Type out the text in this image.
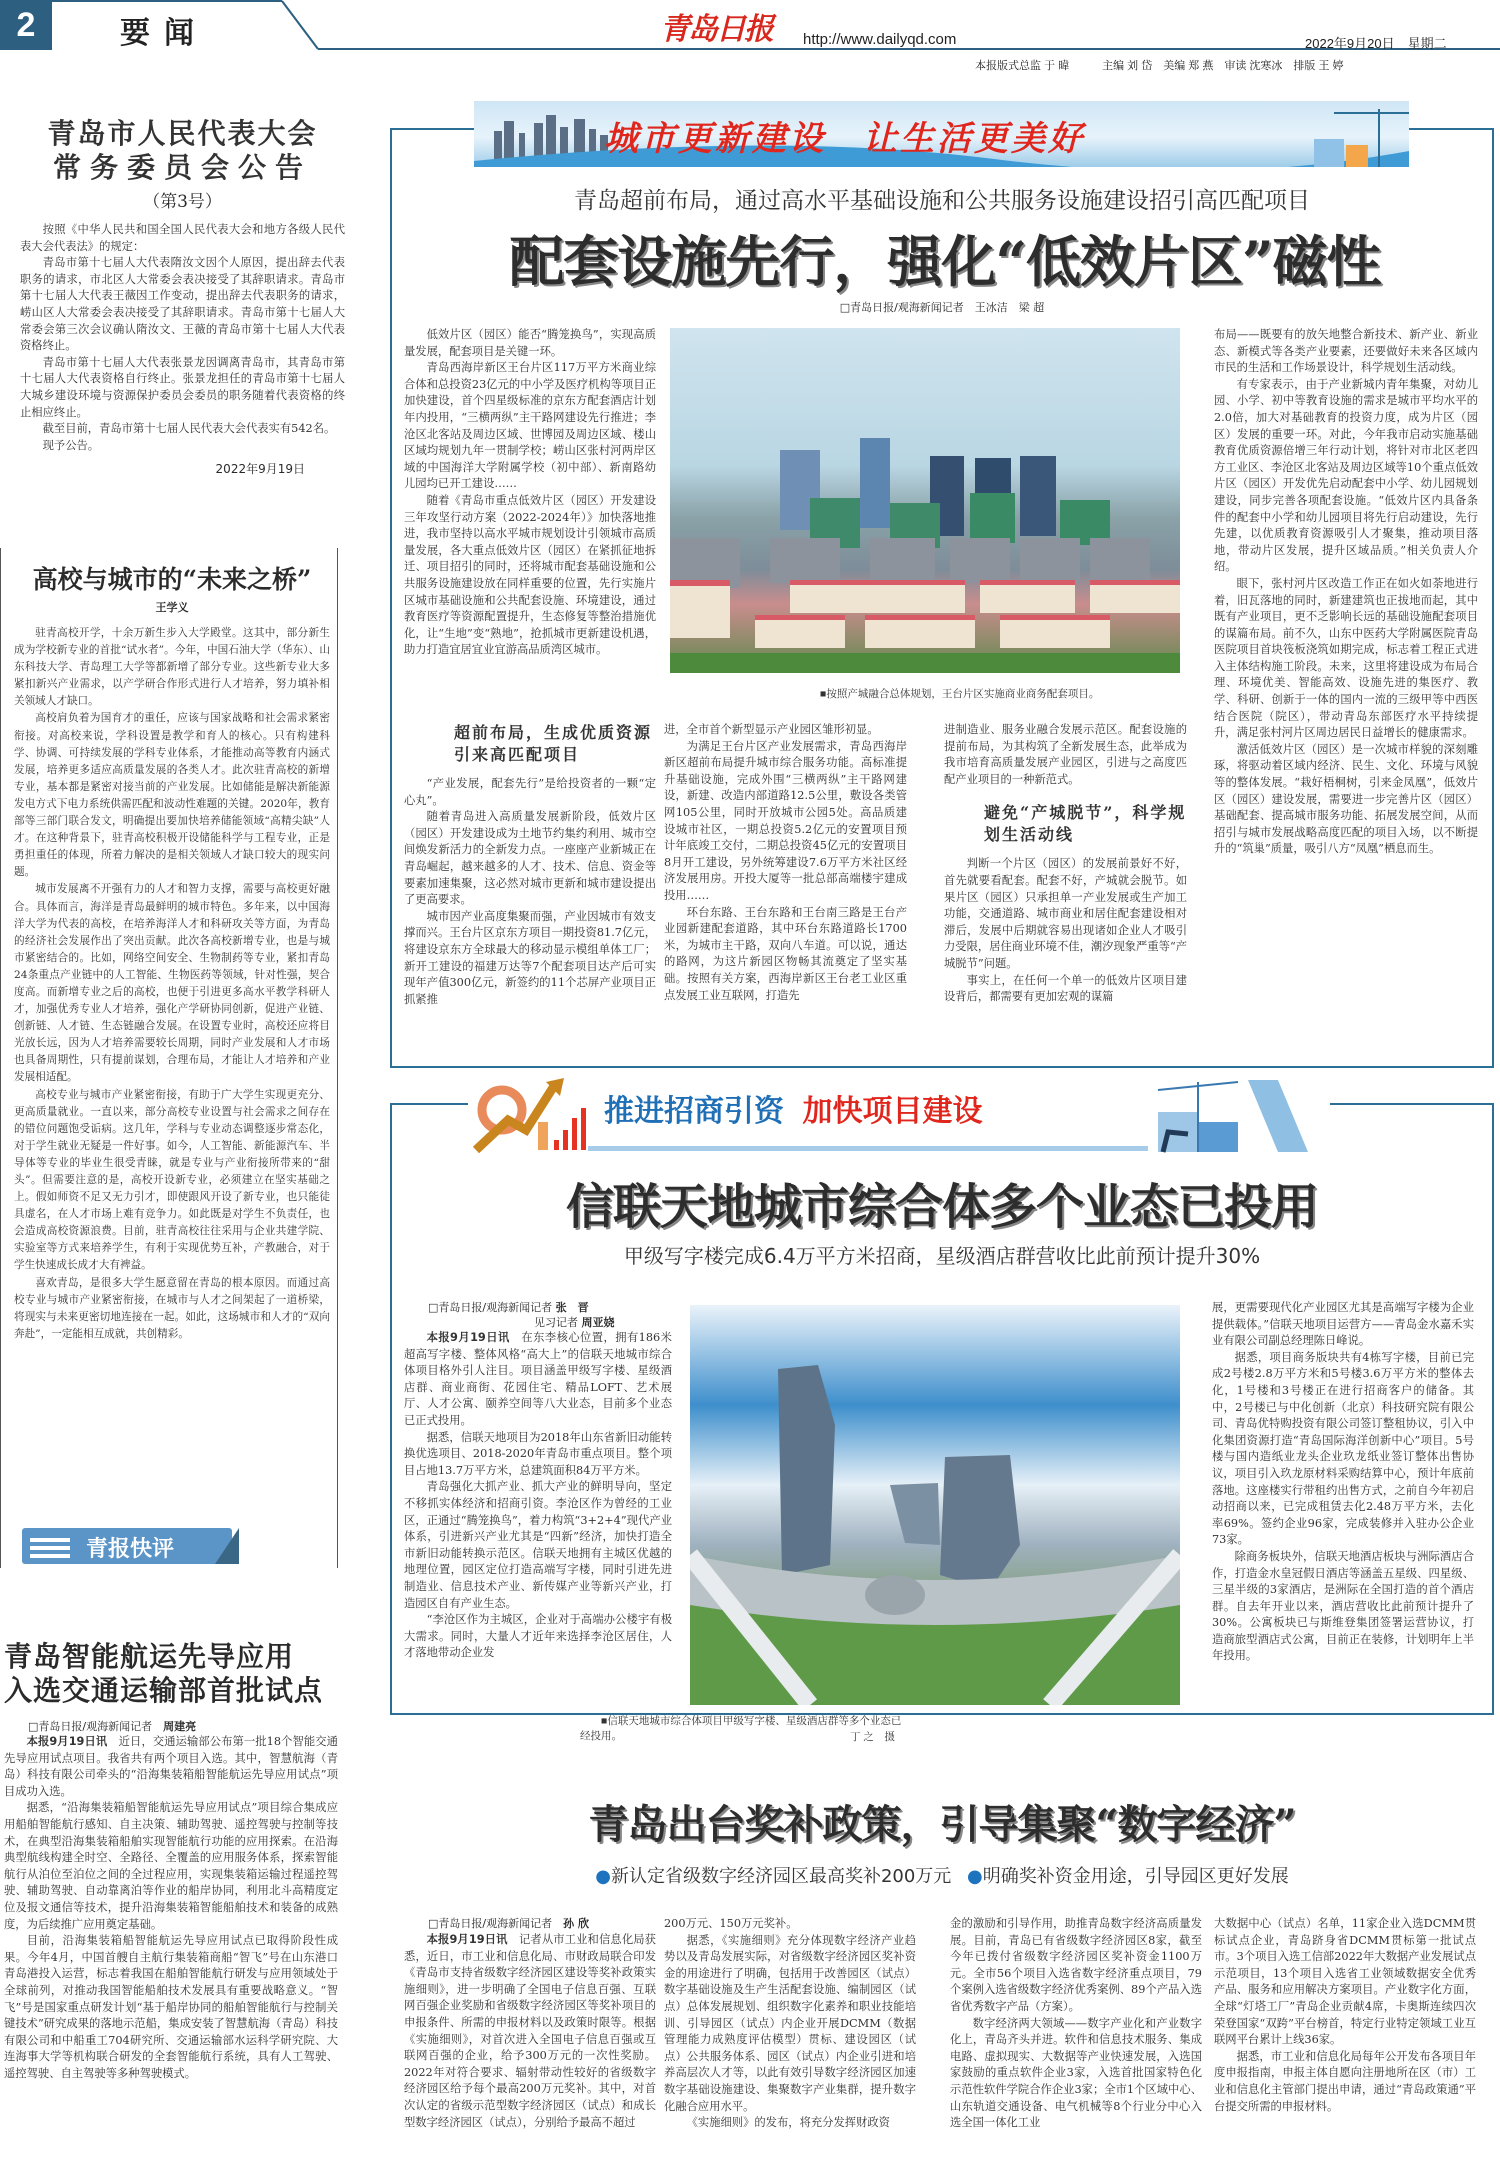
2	要闻	青岛日报 http://www.dailyqd.com	2022年9月20日　星期二
本报版式总监 于 暐　　　主编 刘 岱　美编 郑 燕　审读 沈寒冰　排版 王 婷
青岛市人民代表大会
常务委员会公告
（第3号）

按照《中华人民共和国全国人民代表大会和地方各级人民代表大会代表法》的规定：

青岛市第十七届人大代表隋汝文因个人原因，提出辞去代表职务的请求，市北区人大常委会表决接受了其辞职请求。青岛市第十七届人大代表王薇因工作变动，提出辞去代表职务的请求，崂山区人大常委会表决接受了其辞职请求。青岛市第十七届人大常委会第三次会议确认隋汝文、王薇的青岛市第十七届人大代表资格终止。

青岛市第十七届人大代表张景龙因调离青岛市，其青岛市第十七届人大代表资格自行终止。张景龙担任的青岛市第十七届人大城乡建设环境与资源保护委员会委员的职务随着代表资格的终止相应终止。

截至目前，青岛市第十七届人民代表大会代表实有542名。

现予公告。

2022年9月19日
高校与城市的“未来之桥”
王学义

驻青高校开学，十余万新生步入大学殿堂。这其中，部分新生成为学校新专业的首批“试水者”。今年，中国石油大学（华东）、山东科技大学、青岛理工大学等都新增了部分专业。这些新专业大多紧扣新兴产业需求，以产学研合作形式进行人才培养，努力填补相关领域人才缺口。

高校肩负着为国育才的重任，应该与国家战略和社会需求紧密衔接。对高校来说，学科设置是教学和育人的核心。只有构建科学、协调、可持续发展的学科专业体系，才能推动高等教育内涵式发展，培养更多适应高质量发展的各类人才。此次驻青高校的新增专业，基本都是紧密对接当前的产业发展。比如储能是解决新能源发电方式下电力系统供需匹配和波动性难题的关键。2020年，教育部等三部门联合发文，明确提出要加快培养储能领域“高精尖缺”人才。在这种背景下，驻青高校积极开设储能科学与工程专业，正是勇担重任的体现，所着力解决的是相关领域人才缺口较大的现实问题。

城市发展离不开强有力的人才和智力支撑，需要与高校更好融合。具体而言，海洋是青岛最鲜明的城市特色。多年来，以中国海洋大学为代表的高校，在培养海洋人才和科研攻关等方面，为青岛的经济社会发展作出了突出贡献。此次各高校新增专业，也是与城市紧密结合的。比如，网络空间安全、生物制药等专业，紧扣青岛24条重点产业链中的人工智能、生物医药等领域，针对性强，契合度高。而新增专业之后的高校，也便于引进更多高水平教学科研人才，加强优秀专业人才培养，强化产学研协同创新，促进产业链、创新链、人才链、生态链融合发展。在设置专业时，高校还应将目光放长远，因为人才培养需要较长周期，同时产业发展和人才市场也具备周期性，只有提前谋划，合理布局，才能让人才培养和产业发展相适配。

高校专业与城市产业紧密衔接，有助于广大学生实现更充分、更高质量就业。一直以来，部分高校专业设置与社会需求之间存在的错位问题饱受诟病。这几年，学科与专业动态调整逐步常态化，对于学生就业无疑是一件好事。如今，人工智能、新能源汽车、半导体等专业的毕业生很受青睐，就是专业与产业衔接所带来的“甜头”。但需要注意的是，高校开设新专业，必须建立在坚实基础之上。假如师资不足又无力引才，即使跟风开设了新专业，也只能徒具虚名，在人才市场上难有竞争力。如此既是对学生不负责任，也会造成高校资源浪费。目前，驻青高校往往采用与企业共建学院、实验室等方式来培养学生，有利于实现优势互补，产教融合，对于学生快速成长成才大有裨益。

喜欢青岛，是很多大学生愿意留在青岛的根本原因。而通过高校专业与城市产业紧密衔接，在城市与人才之间架起了一道桥梁，将现实与未来更密切地连接在一起。如此，这场城市和人才的“双向奔赴”，一定能相互成就，共创精彩。

青报快评
青岛智能航运先导应用
入选交通运输部首批试点
□青岛日报/观海新闻记者　 周建亮

本报9月19日讯　 近日，交通运输部公布第一批18个智能交通先导应用试点项目。我省共有两个项目入选。其中，智慧航海（青岛）科技有限公司牵头的“沿海集装箱船智能航运先导应用试点”项目成功入选。

据悉，“沿海集装箱船智能航运先导应用试点”项目综合集成应用船舶智能航行感知、自主决策、辅助驾驶、遥控驾驶与控制等技术，在典型沿海集装箱船舶实现智能航行功能的应用探索。在沿海典型航线构建全时空、全路径、全覆盖的应用服务体系，探索智能航行从泊位至泊位之间的全过程应用，实现集装箱运输过程遥控驾驶、辅助驾驶、自动靠离泊等作业的船岸协同，利用北斗高精度定位及报文通信等技术，提升沿海集装箱智能船舶技术和装备的成熟度，为后续推广应用奠定基础。

目前，沿海集装箱船智能航运先导应用试点已取得阶段性成果。今年4月，中国首艘自主航行集装箱商船“智飞”号在山东港口青岛港投入运营，标志着我国在船舶智能航行研发与应用领域处于全球前列，对推动我国智能船舶技术发展具有重要战略意义。“智飞”号是国家重点研发计划“基于船岸协同的船舶智能航行与控制关键技术”研究成果的落地示范船，集成安装了智慧航海（青岛）科技有限公司和中船重工704研究所、交通运输部水运科学研究院、大连海事大学等机构联合研发的全套智能航行系统，具有人工驾驶、遥控驾驶、自主驾驶等多种驾驶模式。

城市更新建设　让生活更美好
青岛超前布局，通过高水平基础设施和公共服务设施建设招引高匹配项目
配套设施先行，强化“低效片区”磁性
□青岛日报/观海新闻记者　王冰洁　梁 超
■按照产城融合总体规划，王台片区实施商业商务配套项目。

低效片区（园区）能否“腾笼换鸟”，实现高质量发展，配套项目是关键一环。

青岛西海岸新区王台片区117万平方米商业综合体和总投资23亿元的中小学及医疗机构等项目正加快建设，首个四星级标准的京东方配套酒店计划年内投用，“三横两纵”主干路网建设先行推进；李沧区北客站及周边区域、世博园及周边区域、楼山区域均规划九年一贯制学校；崂山区张村河两岸区域的中国海洋大学附属学校（初中部）、新南路幼儿园均已开工建设……

随着《青岛市重点低效片区（园区）开发建设三年攻坚行动方案（2022-2024年）》加快落地推进，我市坚持以高水平城市规划设计引领城市高质量发展，各大重点低效片区（园区）在紧抓征地拆迁、项目招引的同时，还将城市配套基础设施和公共服务设施建设放在同样重要的位置，先行实施片区城市基础设施和公共配套设施、环境建设，通过教育医疗等资源配置提升，生态修复等整治措施优化，让“生地”变“熟地”，抢抓城市更新建设机遇，助力打造宜居宜业宜游高品质湾区城市。

超前布局，生成优质资源引来高匹配项目

“产业发展，配套先行”是给投资者的一颗“定心丸”。

随着青岛进入高质量发展新阶段，低效片区（园区）开发建设成为土地节约集约利用、城市空间焕发新活力的全新发力点。一座座产业新城正在青岛崛起，越来越多的人才、技术、信息、资金等要素加速集聚，这必然对城市更新和城市建设提出了更高要求。

城市因产业高度集聚而强，产业因城市有效支撑而兴。王台片区京东方项目一期投资81.7亿元，将建设京东方全球最大的移动显示模组单体工厂；新开工建设的福建万达等7个配套项目达产后可实现年产值300亿元，新签约的11个芯屏产业项目正抓紧推

进，全市首个新型显示产业园区雏形初显。

为满足王台片区产业发展需求，青岛西海岸新区超前布局提升城市综合服务功能。高标准提升基础设施，完成外围“三横两纵”主干路网建设，新建、改造内部道路12.5公里，敷设各类管网105公里，同时开放城市公园5处。高品质建设城市社区，一期总投资5.2亿元的安置项目预计年底竣工交付，二期总投资45亿元的安置项目8月开工建设，另外统筹建设7.6万平方米社区经济发展用房。开投大厦等一批总部高端楼宇建成投用……

环台东路、王台东路和王台南三路是王台产业园新建配套道路，其中环台东路道路长1700米，为城市主干路，双向八车道。可以说，通达的路网，为这片新园区物畅其流奠定了坚实基础。按照有关方案，西海岸新区王台老工业区重点发展工业互联网，打造先

进制造业、服务业融合发展示范区。配套设施的提前布局，为其构筑了全新发展生态，此举成为我市培育高质量发展产业园区，引进与之高度匹配产业项目的一种新范式。

避免“产城脱节”，科学规划生活动线

判断一个片区（园区）的发展前景好不好，首先就要看配套。配套不好，产城就会脱节。如果片区（园区）只承担单一产业发展或生产加工功能，交通道路、城市商业和居住配套建设相对滞后，发展中后期就容易出现诸如企业人才吸引力受限，居住商业环境不佳，潮汐现象严重等“产城脱节”问题。

事实上，在任何一个单一的低效片区项目建设背后，都需要有更加宏观的谋篇

布局——既要有的放矢地整合新技术、新产业、新业态、新模式等各类产业要素，还要做好未来各区域内市民的生活和工作场景设计，科学规划生活动线。

有专家表示，由于产业新城内青年集聚，对幼儿园、小学、初中等教育设施的需求是城市平均水平的2.0倍，加大对基础教育的投资力度，成为片区（园区）发展的重要一环。对此，今年我市启动实施基础教育优质资源倍增三年行动计划，将针对市北区老四方工业区、李沧区北客站及周边区域等10个重点低效片区（园区）开发优先启动配套中小学、幼儿园规划建设，同步完善各项配套设施。“低效片区内具备条件的配套中小学和幼儿园项目将先行启动建设，先行先建，以优质教育资源吸引人才聚集，推动项目落地，带动片区发展，提升区域品质。”相关负责人介绍。

眼下，张村河片区改造工作正在如火如荼地进行着，旧瓦落地的同时，新建建筑也正拔地而起，其中既有产业项目，更不乏影响长远的基础设施配套项目的谋篇布局。前不久，山东中医药大学附属医院青岛医院项目首块筏板浇筑如期完成，标志着工程正式进入主体结构施工阶段。未来，这里将建设成为布局合理、环境优美、智能高效、设施先进的集医疗、教学、科研、创新于一体的国内一流的三级甲等中西医结合医院（院区），带动青岛东部医疗水平持续提升，满足张村河片区周边居民日益增长的健康需求。

激活低效片区（园区）是一次城市样貌的深刻雕琢，将驱动着区域内经济、民生、文化、环境与风貌等的整体发展。“栽好梧桐树，引来金凤凰”，低效片区（园区）建设发展，需要进一步完善片区（园区）基础配套、提高城市服务功能、拓展发展空间，从而招引与城市发展战略高度匹配的项目入场，以不断提升的“筑巢”质量，吸引八方“凤凰”栖息而生。

推进招商引资 加快项目建设
信联天地城市综合体多个业态已投用
甲级写字楼完成6.4万平方米招商，星级酒店群营收比此前预计提升30%
□青岛日报/观海新闻记者 张　晋
见习记者 周亚娆

本报9月19日讯　 在东李核心位置，拥有186米超高写字楼、整体风格“高大上”的信联天地城市综合体项目格外引人注目。项目涵盖甲级写字楼、星级酒店群、商业商街、花园住宅、精品LOFT、艺术展厅、人才公寓、颐养空间等八大业态，目前多个业态已正式投用。

据悉，信联天地项目为2018年山东省新旧动能转换优选项目、2018-2020年青岛市重点项目。整个项目占地13.7万平方米，总建筑面积84万平方米。

青岛强化大抓产业、抓大产业的鲜明导向，坚定不移抓实体经济和招商引资。李沧区作为曾经的工业区，正通过“腾笼换鸟”，着力构筑“3+2+4”现代产业体系，引进新兴产业尤其是“四新”经济，加快打造全市新旧动能转换示范区。信联天地拥有主城区优越的地理位置，园区定位打造高端写字楼，同时引进先进制造业、信息技术产业、新传媒产业等新兴产业，打造园区自有产业生态。

“李沧区作为主城区，企业对于高端办公楼宇有极大需求。同时，大量人才近年来选择李沧区居住，人才落地带动企业发

■信联天地城市综合体项目甲级写字楼、星级酒店群等多个业态已经投用。	丁 之　摄

展，更需要现代化产业园区尤其是高端写字楼为企业提供载体。”信联天地项目运营方——青岛金水嘉禾实业有限公司副总经理陈日峰说。

据悉，项目商务版块共有4栋写字楼，目前已完成2号楼2.8万平方米和5号楼3.6万平方米的整体去化，1号楼和3号楼正在进行招商客户的储备。其中，2号楼已与中化创新（北京）科技研究院有限公司、青岛优特购投资有限公司签订整租协议，引入中化集团资源打造“青岛国际海洋创新中心”项目。5号楼与国内造纸业龙头企业玖龙纸业签订整体出售协议，项目引入玖龙原材料采购结算中心，预计年底前落地。这座楼实行带租约出售方式，之前自今年初启动招商以来，已完成租赁去化2.48万平方米，去化率69%。签约企业96家，完成装修并入驻办公企业73家。

除商务板块外，信联天地酒店板块与洲际酒店合作，打造金水皇冠假日酒店等涵盖五星级、四星级、三星半级的3家酒店，是洲际在全国打造的首个酒店群。自去年开业以来，酒店营收比此前预计提升了30%。公寓板块已与斯维登集团签署运营协议，打造商旅型酒店式公寓，目前正在装修，计划明年上半年投用。

青岛出台奖补政策，引导集聚“数字经济”
●新认定省级数字经济园区最高奖补200万元 ●明确奖补资金用途，引导园区更好发展
□青岛日报/观海新闻记者　 孙 欣

本报9月19日讯　 记者从市工业和信息化局获悉，近日，市工业和信息化局、市财政局联合印发《青岛市支持省级数字经济园区建设等奖补政策实施细则》，进一步明确了全国电子信息百强、互联网百强企业奖励和省级数字经济园区等奖补项目的申报条件、所需的申报材料以及政策时限等。根据《实施细则》，对首次进入全国电子信息百强或互联网百强的企业，给予300万元的一次性奖励。2022年对符合要求、辐射带动性较好的省级数字经济园区给予每个最高200万元奖补。其中，对首次认定的省级示范型数字经济园区（试点）和成长型数字经济园区（试点），分别给予最高不超过

200万元、150万元奖补。

据悉，《实施细则》充分体现数字经济产业趋势以及青岛发展实际，对省级数字经济园区奖补资金的用途进行了明确，包括用于改善园区（试点）数字基础设施及生产生活配套设施、编制园区（试点）总体发展规划、组织数字化素养和职业技能培训、引导园区（试点）内企业开展DCMM（数据管理能力成熟度评估模型）贯标、建设园区（试点）公共服务体系、园区（试点）内企业引进和培养高层次人才等，以此有效引导数字经济园区加速数字基础设施建设、集聚数字产业集群，提升数字化融合应用水平。

《实施细则》的发布，将充分发挥财政资

金的激励和引导作用，助推青岛数字经济高质量发展。目前，青岛已有省级数字经济园区8家，截至今年已拨付省级数字经济园区奖补资金1100万元。全市56个项目入选省数字经济重点项目，79个案例入选省级数字经济优秀案例、89个产品入选省优秀数字产品（方案）。

数字经济两大领域——数字产业化和产业数字化上，青岛齐头并进。软件和信息技术服务、集成电路、虚拟现实、大数据等产业快速发展，入选国家鼓励的重点软件企业3家，入选首批国家特色化示范性软件学院合作企业3家；全市1个区域中心、山东轨道交通设备、电气机械等8个行业分中心入选全国一体化工业

大数据中心（试点）名单，11家企业入选DCMM贯标试点企业，青岛跻身省DCMM贯标第一批试点市。3个项目入选工信部2022年大数据产业发展试点示范项目，13个项目入选省工业领域数据安全优秀产品、服务和应用解决方案项目。产业数字化方面，全球“灯塔工厂”青岛企业贡献4席，卡奥斯连续四次荣登国家“双跨”平台榜首，特定行业特定领域工业互联网平台累计上线36家。

据悉，市工业和信息化局每年公开发布各项目年度申报指南，申报主体自愿向注册地所在区（市）工业和信息化主管部门提出申请，通过“青岛政策通”平台提交所需的申报材料。
